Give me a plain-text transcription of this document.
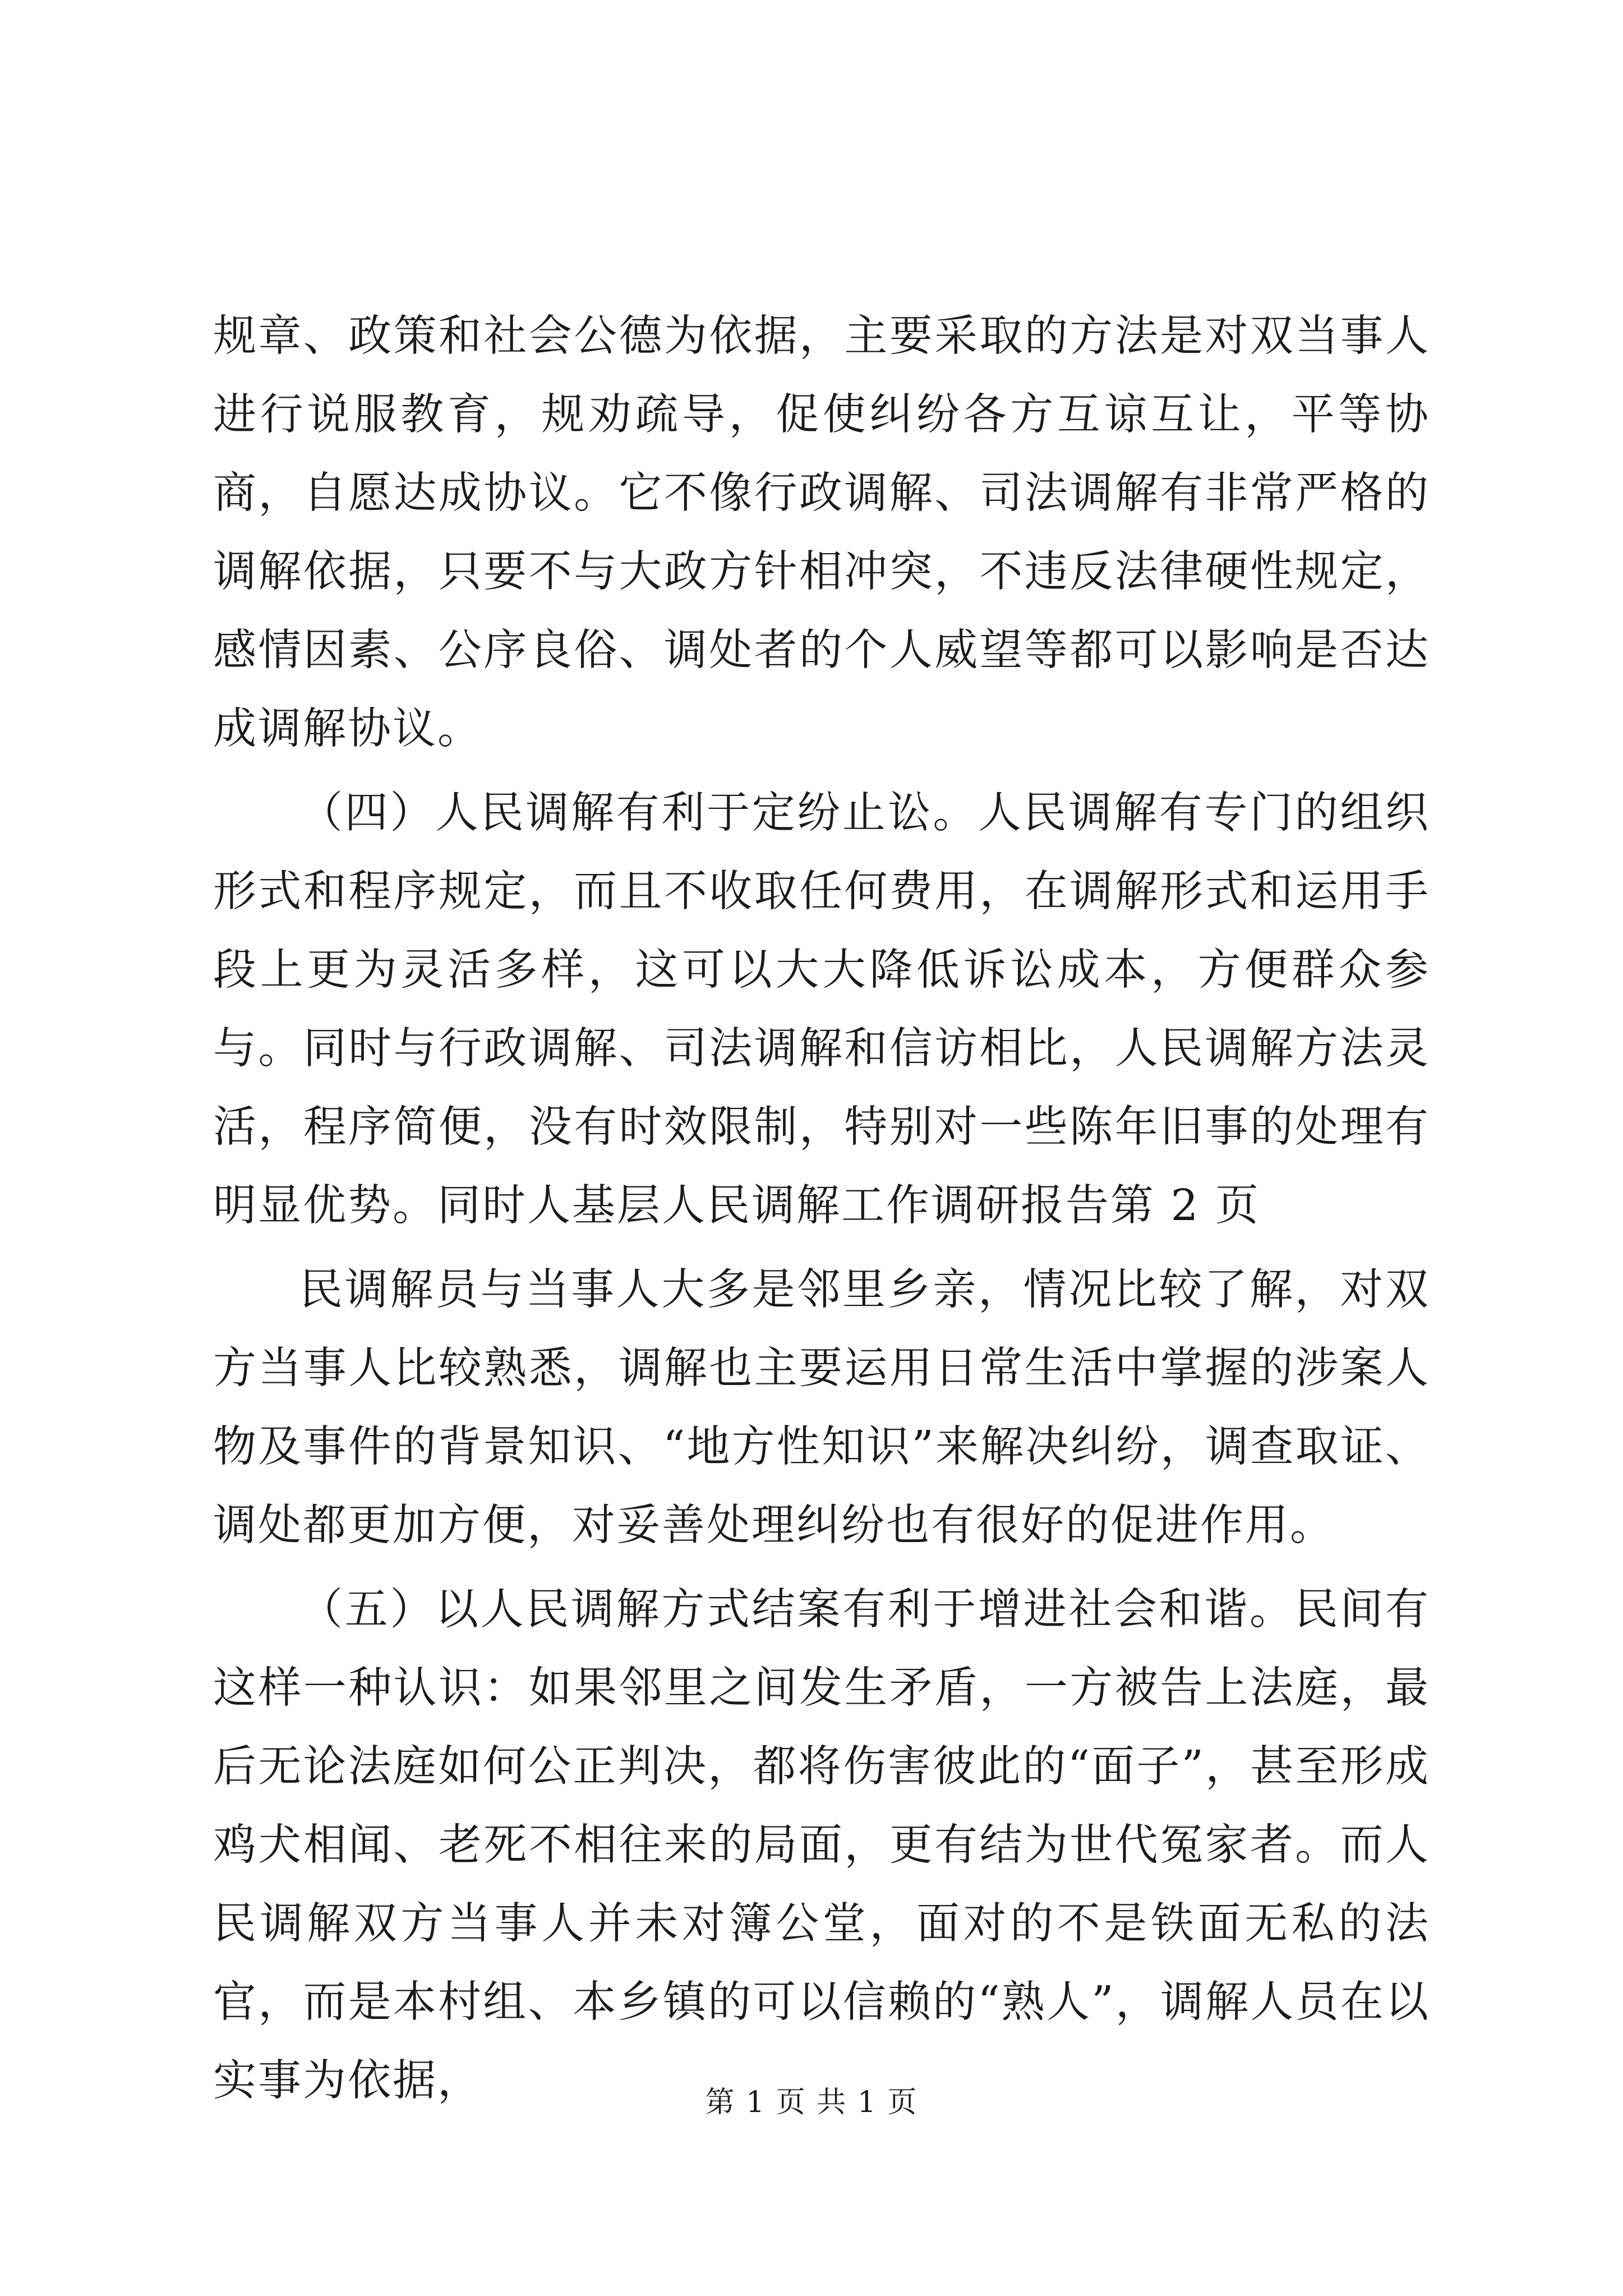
规章、政策和社会公德为依据，主要采取的方法是对双当事人进行说服教育，规劝疏导，促使纠纷各方互谅互让，平等协商，自愿达成协议。它不像行政调解、司法调解有非常严格的调解依据，只要不与大政方针相冲突，不违反法律硬性规定，感情因素、公序良俗、调处者的个人威望等都可以影响是否达成调解协议。

（四）人民调解有利于定纷止讼。人民调解有专门的组织形式和程序规定，而且不收取任何费用，在调解形式和运用手段上更为灵活多样，这可以大大降低诉讼成本，方便群众参与。同时与行政调解、司法调解和信访相比，人民调解方法灵活，程序简便，没有时效限制，特别对一些陈年旧事的处理有明显优势。同时人基层人民调解工作调研报告第 2 页

民调解员与当事人大多是邻里乡亲，情况比较了解，对双方当事人比较熟悉，调解也主要运用日常生活中掌握的涉案人物及事件的背景知识、“地方性知识”来解决纠纷，调查取证、调处都更加方便，对妥善处理纠纷也有很好的促进作用。

（五）以人民调解方式结案有利于增进社会和谐。民间有这样一种认识：如果邻里之间发生矛盾，一方被告上法庭，最后无论法庭如何公正判决，都将伤害彼此的“面子”，甚至形成鸡犬相闻、老死不相往来的局面，更有结为世代冤家者。而人民调解双方当事人并未对簿公堂，面对的不是铁面无私的法官，而是本村组、本乡镇的可以信赖的“熟人”，调解人员在以实事为依据，	第 1 页 共 1 页
